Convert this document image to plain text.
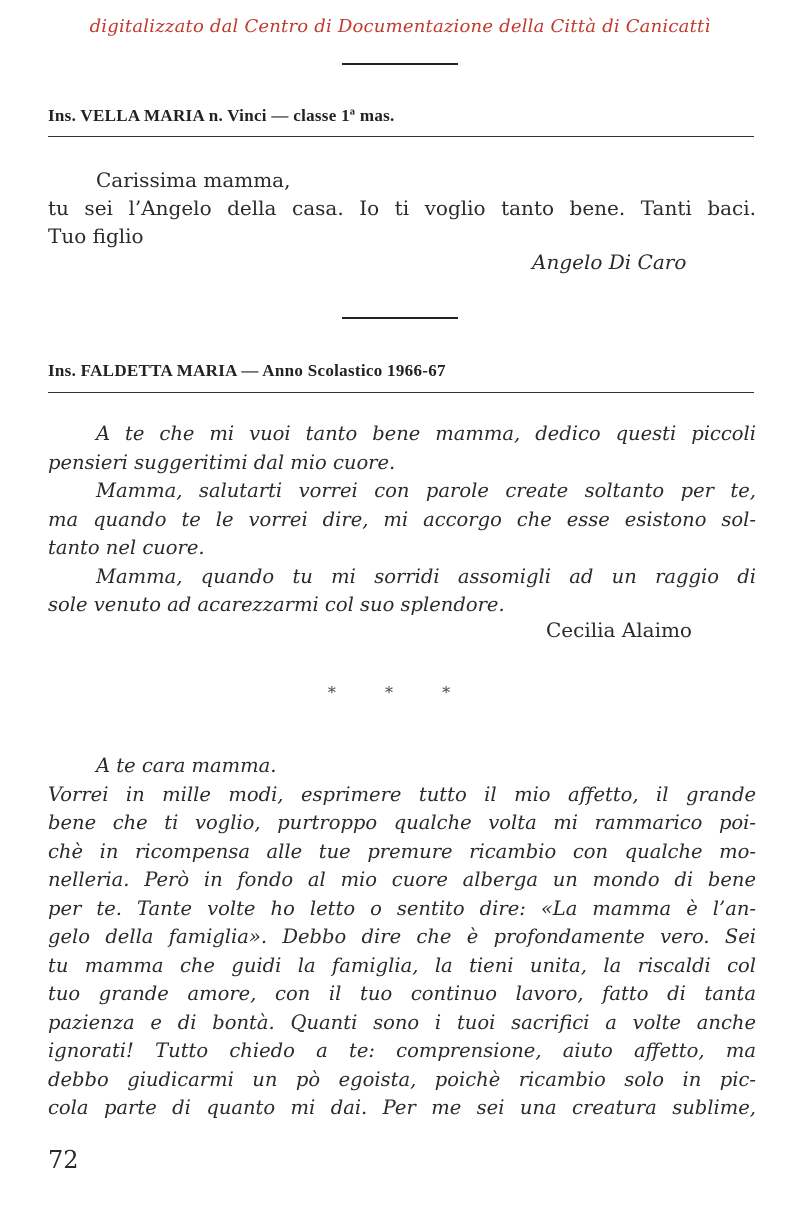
digitalizzato dal Centro di Documentazione della Città di Canicattì
Ins. VELLA MARIA n. Vinci — classe 1ª mas.
Carissima mamma,
tu sei l’Angelo della casa. Io ti voglio tanto bene. Tanti baci.
Tuo figlio
Angelo Di Caro
Ins. FALDETTA MARIA — Anno Scolastico 1966-67
A te che mi vuoi tanto bene mamma, dedico questi piccoli
pensieri suggeritimi dal mio cuore.
Mamma, salutarti vorrei con parole create soltanto per te,
ma quando te le vorrei dire, mi accorgo che esse esistono sol-
tanto nel cuore.
Mamma, quando tu mi sorridi assomigli ad un raggio di
sole venuto ad acarezzarmi col suo splendore.
Cecilia Alaimo
* * *
A te cara mamma.
Vorrei in mille modi, esprimere tutto il mio affetto, il grande
bene che ti voglio, purtroppo qualche volta mi rammarico poi-
chè in ricompensa alle tue premure ricambio con qualche mo-
nelleria. Però in fondo al mio cuore alberga un mondo di bene
per te. Tante volte ho letto o sentito dire: «La mamma è l’an-
gelo della famiglia». Debbo dire che è profondamente vero. Sei
tu mamma che guidi la famiglia, la tieni unita, la riscaldi col
tuo grande amore, con il tuo continuo lavoro, fatto di tanta
pazienza e di bontà. Quanti sono i tuoi sacrifici a volte anche
ignorati! Tutto chiedo a te: comprensione, aiuto affetto, ma
debbo giudicarmi un pò egoista, poichè ricambio solo in pic-
cola parte di quanto mi dai. Per me sei una creatura sublime,
72
